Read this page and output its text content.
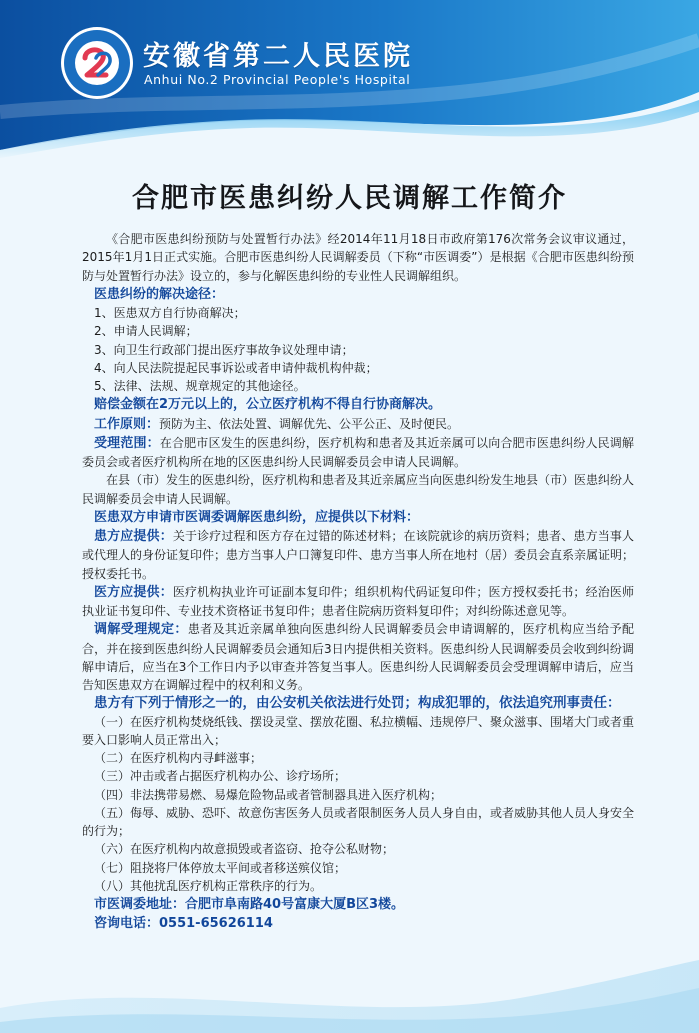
安徽省第二人民医院
Anhui No.2 Provincial People's Hospital
合肥市医患纠纷人民调解工作简介

《合肥市医患纠纷预防与处置暂行办法》经2014年11月18日市政府第176次常务会议审议通过，2015年1月1日正式实施。合肥市医患纠纷人民调解委员（下称“市医调委”）是根据《合肥市医患纠纷预防与处置暂行办法》设立的，参与化解医患纠纷的专业性人民调解组织。

医患纠纷的解决途径：

1、医患双方自行协商解决；

2、申请人民调解；

3、向卫生行政部门提出医疗事故争议处理申请；

4、向人民法院提起民事诉讼或者申请仲裁机构仲裁；

5、法律、法规、规章规定的其他途径。

赔偿金额在2万元以上的，公立医疗机构不得自行协商解决。

工作原则：预防为主、依法处置、调解优先、公平公正、及时便民。

受理范围：在合肥市区发生的医患纠纷，医疗机构和患者及其近亲属可以向合肥市医患纠纷人民调解委员会或者医疗机构所在地的区医患纠纷人民调解委员会申请人民调解。

在县（市）发生的医患纠纷，医疗机构和患者及其近亲属应当向医患纠纷发生地县（市）医患纠纷人民调解委员会申请人民调解。

医患双方申请市医调委调解医患纠纷，应提供以下材料：

患方应提供：关于诊疗过程和医方存在过错的陈述材料；在该院就诊的病历资料；患者、患方当事人或代理人的身份证复印件；患方当事人户口簿复印件、患方当事人所在地村（居）委员会直系亲属证明；授权委托书。

医方应提供：医疗机构执业许可证副本复印件；组织机构代码证复印件；医方授权委托书；经治医师执业证书复印件、专业技术资格证书复印件；患者住院病历资料复印件；对纠纷陈述意见等。

调解受理规定：患者及其近亲属单独向医患纠纷人民调解委员会申请调解的，医疗机构应当给予配合，并在接到医患纠纷人民调解委员会通知后3日内提供相关资料。医患纠纷人民调解委员会收到纠纷调解申请后，应当在3个工作日内予以审查并答复当事人。医患纠纷人民调解委员会受理调解申请后，应当告知医患双方在调解过程中的权利和义务。

患方有下列于情形之一的，由公安机关依法进行处罚；构成犯罪的，依法追究刑事责任：

（一）在医疗机构焚烧纸钱、摆设灵堂、摆放花圈、私拉横幅、违规停尸、聚众滋事、围堵大门或者重要入口影响人员正常出入；

（二）在医疗机构内寻衅滋事；

（三）冲击或者占据医疗机构办公、诊疗场所；

（四）非法携带易燃、易爆危险物品或者管制器具进入医疗机构；

（五）侮辱、威胁、恐吓、故意伤害医务人员或者限制医务人员人身自由，或者威胁其他人员人身安全的行为；

（六）在医疗机构内故意损毁或者盗窃、抢夺公私财物；

（七）阻挠将尸体停放太平间或者移送殡仪馆；

（八）其他扰乱医疗机构正常秩序的行为。

市医调委地址：合肥市阜南路40号富康大厦B区3楼。

咨询电话：0551-65626114
